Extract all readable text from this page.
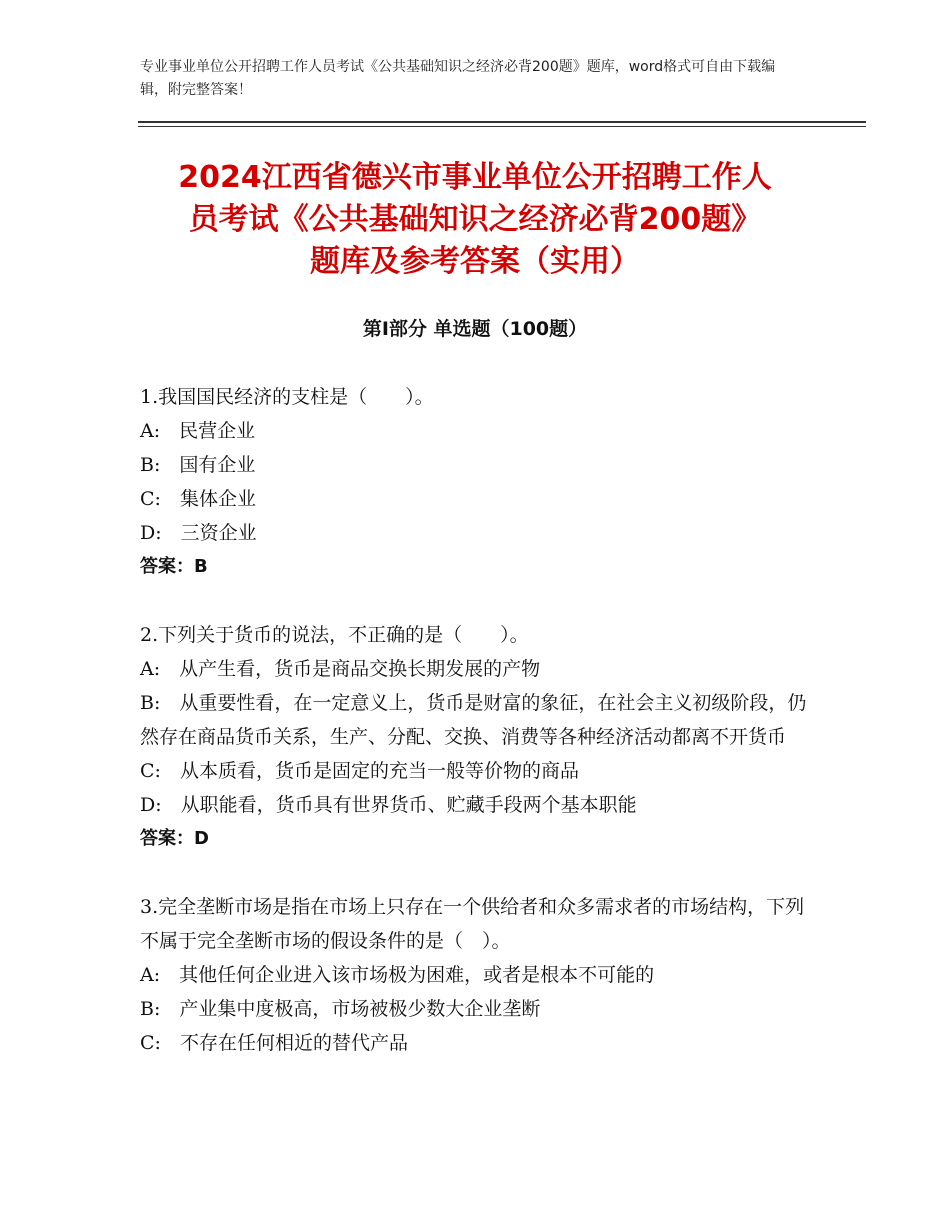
专业事业单位公开招聘工作人员考试《公共基础知识之经济必背200题》题库，word格式可自由下载编辑，附完整答案！
2024江西省德兴市事业单位公开招聘工作人
员考试《公共基础知识之经济必背200题》
题库及参考答案（实用）
第Ⅰ部分 单选题（100题）
1.我国国民经济的支柱是（　　）。
A:　民营企业
B:　国有企业
C:　集体企业
D:　三资企业
答案：B
2.下列关于货币的说法，不正确的是（　　）。
A:　从产生看，货币是商品交换长期发展的产物
B:　从重要性看，在一定意义上，货币是财富的象征，在社会主义初级阶段，仍然存在商品货币关系，生产、分配、交换、消费等各种经济活动都离不开货币
C:　从本质看，货币是固定的充当一般等价物的商品
D:　从职能看，货币具有世界货币、贮藏手段两个基本职能
答案：D
3.完全垄断市场是指在市场上只存在一个供给者和众多需求者的市场结构，下列不属于完全垄断市场的假设条件的是（　）。
A:　其他任何企业进入该市场极为困难，或者是根本不可能的
B:　产业集中度极高，市场被极少数大企业垄断
C:　不存在任何相近的替代产品
